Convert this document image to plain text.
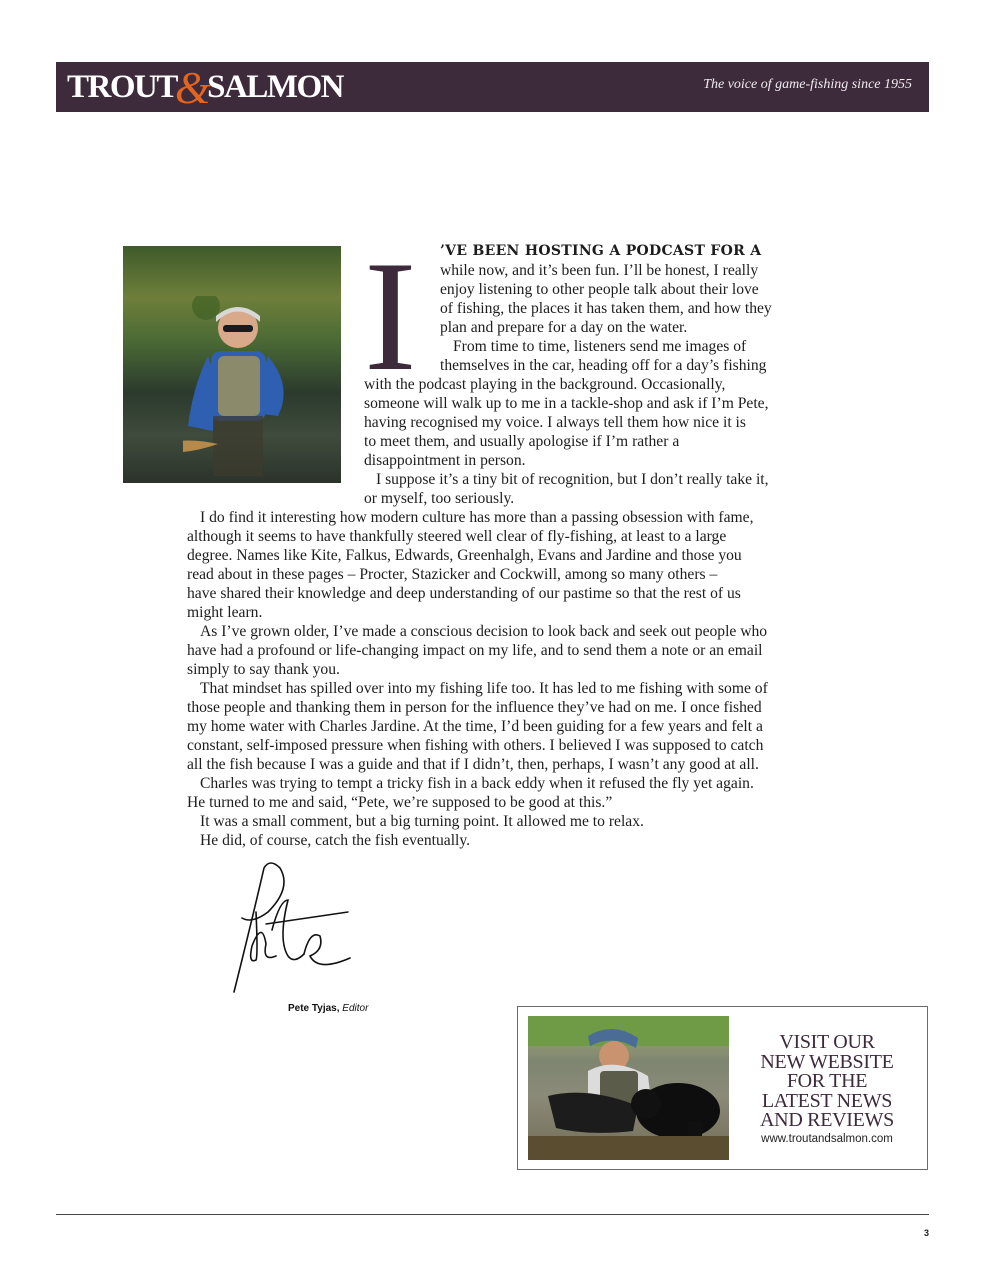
TROUT
&
SALMON	The voice of game-fishing since 1955
I ’VE BEEN HOSTING A PODCAST FOR A
while now, and it’s been fun. I’ll be honest, I really
enjoy listening to other people talk about their love
of fishing, the places it has taken them, and how they
plan and prepare for a day on the water.
From time to time, listeners send me images of
themselves in the car, heading off for a day’s fishing
with the podcast playing in the background. Occasionally,
someone will walk up to me in a tackle-shop and ask if I’m Pete,
having recognised my voice. I always tell them how nice it is
to meet them, and usually apologise if I’m rather a
disappointment in person.
I suppose it’s a tiny bit of recognition, but I don’t really take it,
or myself, too seriously.
I do find it interesting how modern culture has more than a passing obsession with fame,
although it seems to have thankfully steered well clear of fly-fishing, at least to a large
degree. Names like Kite, Falkus, Edwards, Greenhalgh, Evans and Jardine and those you
read about in these pages – Procter, Stazicker and Cockwill, among so many others –
have shared their knowledge and deep understanding of our pastime so that the rest of us
might learn.
As I’ve grown older, I’ve made a conscious decision to look back and seek out people who
have had a profound or life-changing impact on my life, and to send them a note or an email
simply to say thank you.
That mindset has spilled over into my fishing life too. It has led to me fishing with some of
those people and thanking them in person for the influence they’ve had on me. I once fished
my home water with Charles Jardine. At the time, I’d been guiding for a few years and felt a
constant, self-imposed pressure when fishing with others. I believed I was supposed to catch
all the fish because I was a guide and that if I didn’t, then, perhaps, I wasn’t any good at all.
Charles was trying to tempt a tricky fish in a back eddy when it refused the fly yet again.
He turned to me and said, “Pete, we’re supposed to be good at this.”
It was a small comment, but a big turning point. It allowed me to relax.
He did, of course, catch the fish eventually.
Pete Tyjas, Editor
VISIT OUR
NEW WEBSITE
FOR THE
LATEST NEWS
AND REVIEWS
www.troutandsalmon.com
3
